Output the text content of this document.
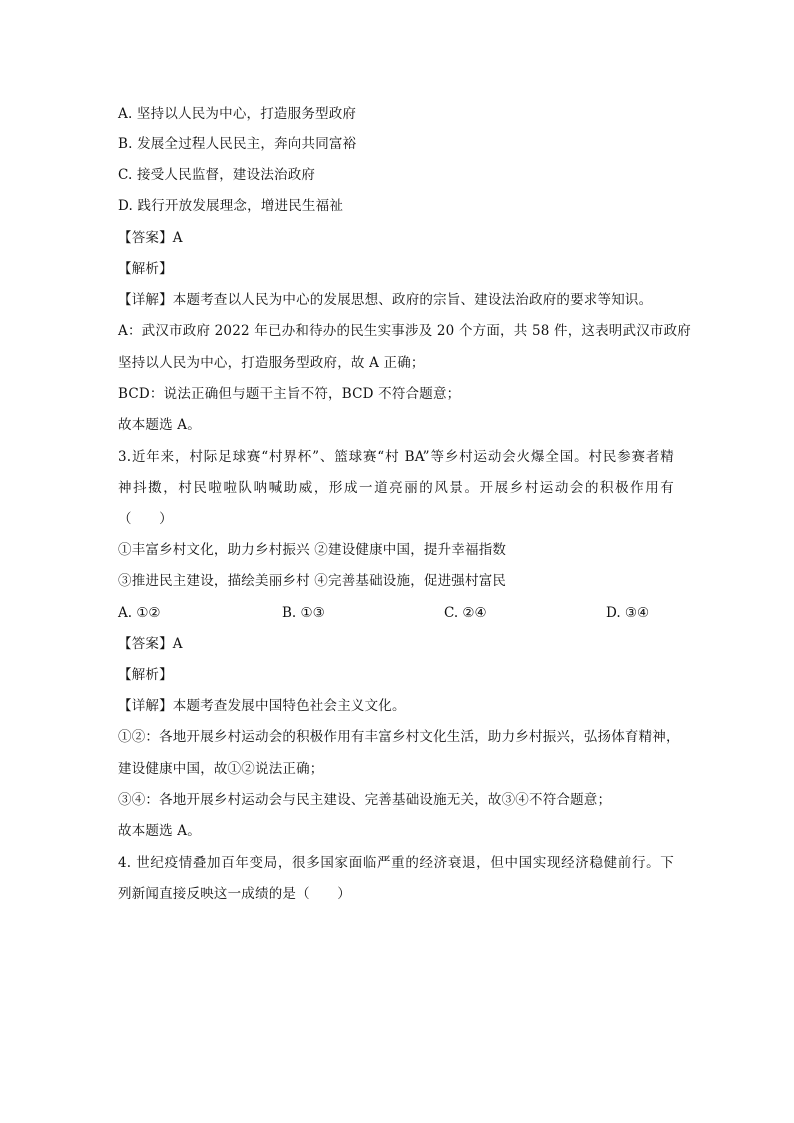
A. 坚持以人民为中心，打造服务型政府
B. 发展全过程人民民主，奔向共同富裕
C. 接受人民监督，建设法治政府
D. 践行开放发展理念，增进民生福祉
【答案】A
【解析】
【详解】本题考查以人民为中心的发展思想、政府的宗旨、建设法治政府的要求等知识。
A：武汉市政府 2022 年已办和待办的民生实事涉及 20 个方面，共 58 件，这表明武汉市政府
坚持以人民为中心，打造服务型政府，故 A 正确；
BCD：说法正确但与题干主旨不符，BCD 不符合题意；
故本题选 A。
3.近年来，村际足球赛“村界杯”、篮球赛“村 BA”等乡村运动会火爆全国。村民参赛者精
神抖擞，村民啦啦队呐喊助威，形成一道亮丽的风景。开展乡村运动会的积极作用有
（　　）
①丰富乡村文化，助力乡村振兴 ②建设健康中国，提升幸福指数
③推进民主建设，描绘美丽乡村 ④完善基础设施，促进强村富民
A. ①②	B. ①③	C. ②④	D. ③④
【答案】A
【解析】
【详解】本题考查发展中国特色社会主义文化。
①②：各地开展乡村运动会的积极作用有丰富乡村文化生活，助力乡村振兴，弘扬体育精神，
建设健康中国，故①②说法正确；
③④：各地开展乡村运动会与民主建设、完善基础设施无关，故③④不符合题意；
故本题选 A。
4. 世纪疫情叠加百年变局，很多国家面临严重的经济衰退，但中国实现经济稳健前行。下
列新闻直接反映这一成绩的是（　　）
